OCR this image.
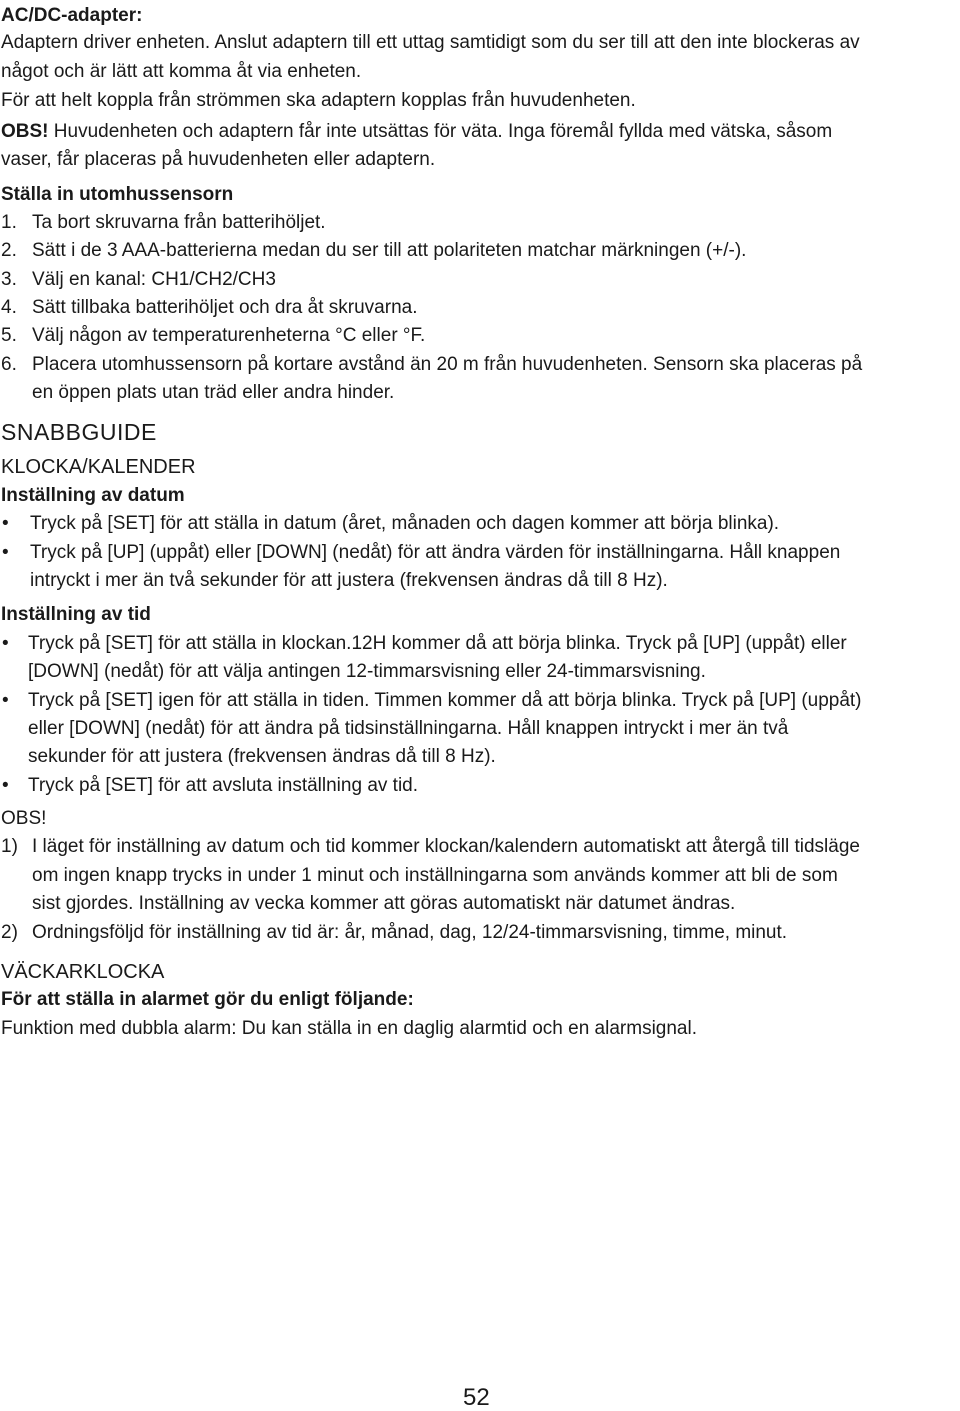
AC/DC-adapter:
Adaptern driver enheten. Anslut adaptern till ett uttag samtidigt som du ser till att den inte blockeras av
något och är lätt att komma åt via enheten.
För att helt koppla från strömmen ska adaptern kopplas från huvudenheten.
OBS! Huvudenheten och adaptern får inte utsättas för väta. Inga föremål fyllda med vätska, såsom
vaser, får placeras på huvudenheten eller adaptern.
Ställa in utomhussensorn
1. Ta bort skruvarna från batterihöljet.
2. Sätt i de 3 AAA-batterierna medan du ser till att polariteten matchar märkningen (+/-).
3. Välj en kanal: CH1/CH2/CH3
4. Sätt tillbaka batterihöljet och dra åt skruvarna.
5. Välj någon av temperaturenheterna °C eller °F.
6. Placera utomhussensorn på kortare avstånd än 20 m från huvudenheten. Sensorn ska placeras på
en öppen plats utan träd eller andra hinder.
SNABBGUIDE
KLOCKA/KALENDER
Inställning av datum
• Tryck på [SET] för att ställa in datum (året, månaden och dagen kommer att börja blinka).
• Tryck på [UP] (uppåt) eller [DOWN] (nedåt) för att ändra värden för inställningarna. Håll knappen
intryckt i mer än två sekunder för att justera (frekvensen ändras då till 8 Hz).
Inställning av tid
• Tryck på [SET] för att ställa in klockan.12H kommer då att börja blinka. Tryck på [UP] (uppåt) eller
[DOWN] (nedåt) för att välja antingen 12-timmarsvisning eller 24-timmarsvisning.
• Tryck på [SET] igen för att ställa in tiden. Timmen kommer då att börja blinka. Tryck på [UP] (uppåt)
eller [DOWN] (nedåt) för att ändra på tidsinställningarna. Håll knappen intryckt i mer än två
sekunder för att justera (frekvensen ändras då till 8 Hz).
• Tryck på [SET] för att avsluta inställning av tid.
OBS!
1) I läget för inställning av datum och tid kommer klockan/kalendern automatiskt att återgå till tidsläge
om ingen knapp trycks in under 1 minut och inställningarna som används kommer att bli de som
sist gjordes. Inställning av vecka kommer att göras automatiskt när datumet ändras.
2) Ordningsföljd för inställning av tid är: år, månad, dag, 12/24-timmarsvisning, timme, minut.
VÄCKARKLOCKA
För att ställa in alarmet gör du enligt följande:
Funktion med dubbla alarm: Du kan ställa in en daglig alarmtid och en alarmsignal.
52
